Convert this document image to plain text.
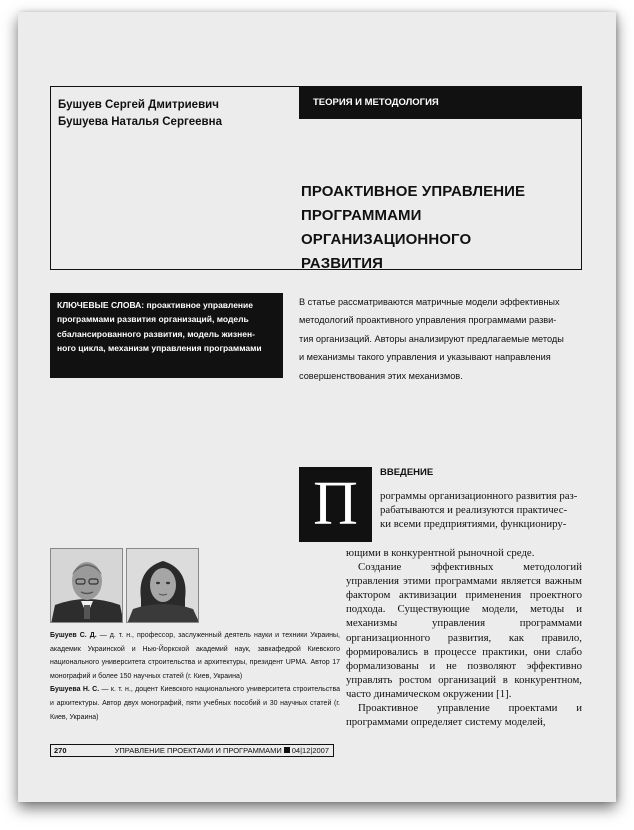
Бушуев Сергей Дмитриевич
Бушуева Наталья Сергеевна
ТЕОРИЯ И МЕТОДОЛОГИЯ
ПРОАКТИВНОЕ УПРАВЛЕНИЕ
ПРОГРАММАМИ ОРГАНИЗАЦИОННОГО
РАЗВИТИЯ
КЛЮЧЕВЫЕ СЛОВА: проактивное управление
программами развития организаций, модель
сбалансированного развития, модель жизнен-
ного цикла, механизм управления программами
В статье рассматриваются матричные модели эффективных
методологий проактивного управления программами разви-
тия организаций. Авторы анализируют предлагаемые методы
и механизмы такого управления и указывают направления
совершенствования этих механизмов.
Бушуев С. Д. — д. т. н., профессор, заслуженный деятель науки и техники Украины, академик Украинской и Нью-Йоркской академий наук, завкафедрой Киевского национального университета строительства и архитектуры, президент UPMA. Автор 17 монографий и более 150 научных статей (г. Киев, Украина)
Бушуева Н. С. — к. т. н., доцент Киевского национального университета строительства и архитектуры. Автор двух монографий, пяти учебных пособий и 30 научных статей (г. Киев, Украина)
ВВЕДЕНИЕ
П	рограммы организационного развития раз-
рабатываются и реализуются практичес-
ки всеми предприятиями, функциониру-

ющими в конкурентной рыночной среде.

Создание эффективных методологий управления этими программами является важным фактором активизации применения проектного подхода. Существующие модели, методы и механизмы управления программами организационного развития, как правило, формировались в процессе практики, они слабо формализованы и не позволяют эффективно управлять ростом организаций в конкурентном, часто динамическом окружении [1].

Проактивное управление проектами и программами определяет систему моделей,

270	УПРАВЛЕНИЕ ПРОЕКТАМИ И ПРОГРАММАМИ 04|12|2007
